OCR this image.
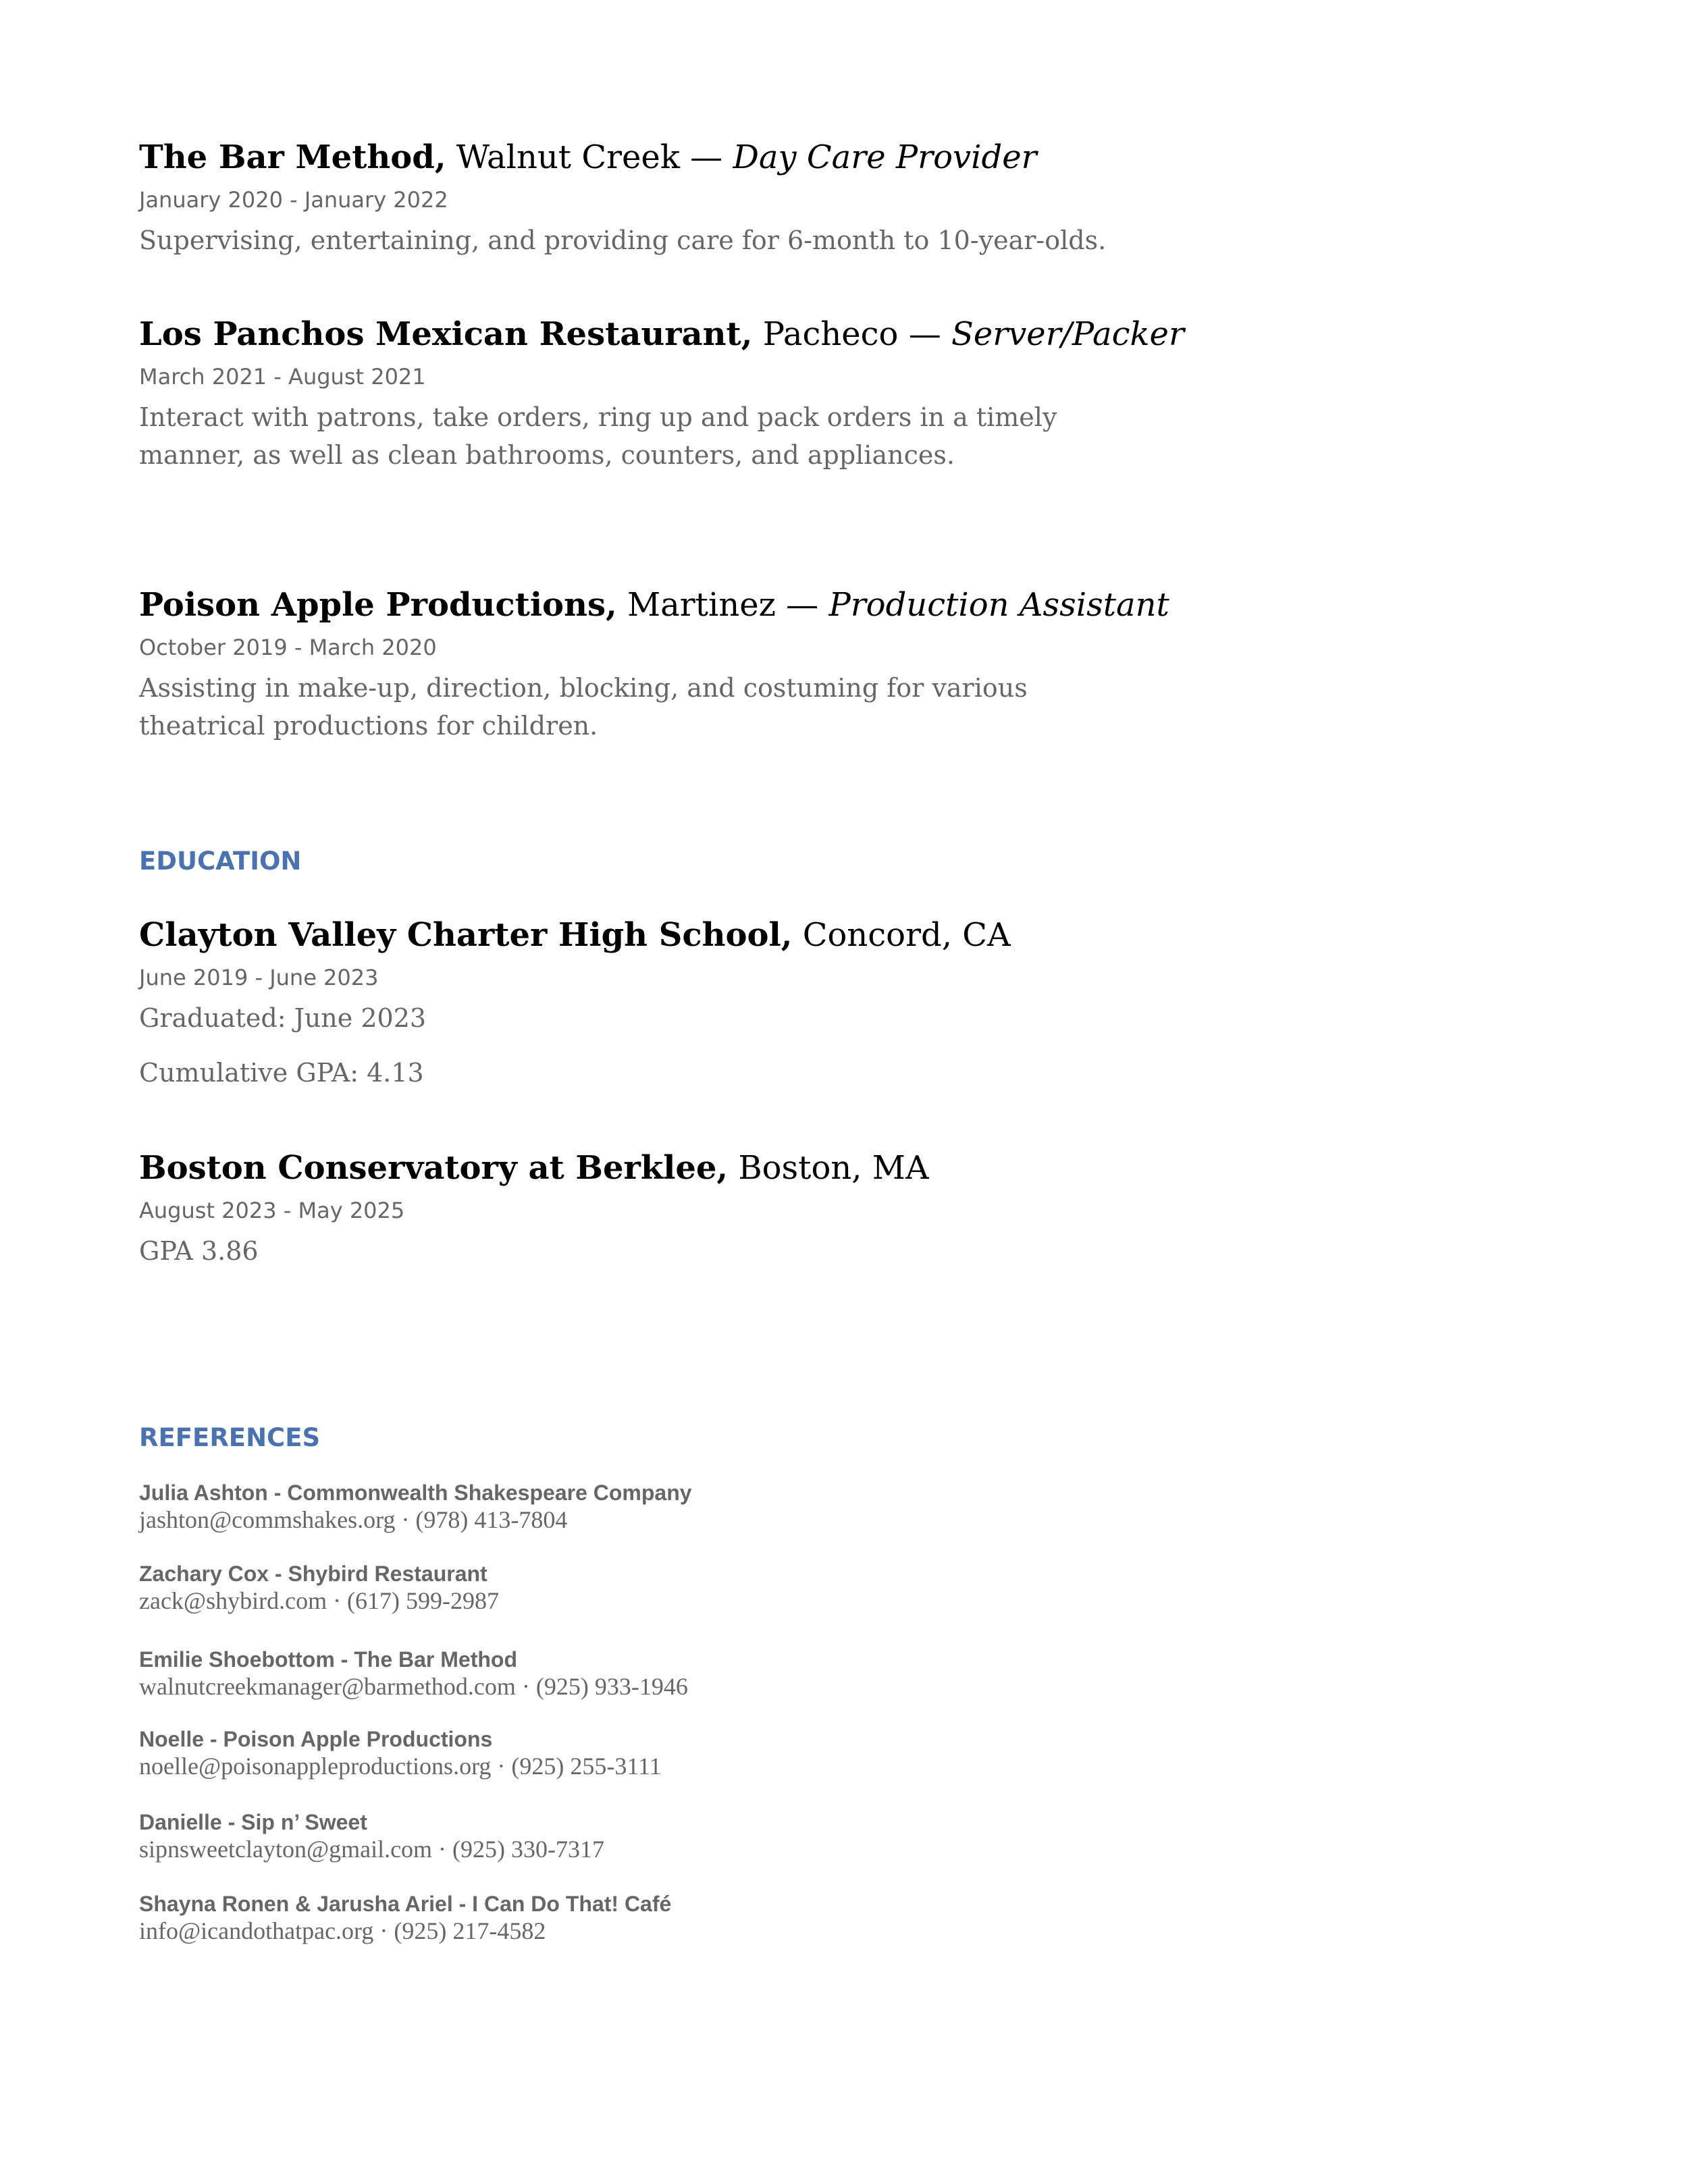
The Bar Method, Walnut Creek — Day Care Provider
January 2020 - January 2022
Supervising, entertaining, and providing care for 6-month to 10-year-olds.
Los Panchos Mexican Restaurant, Pacheco — Server/Packer
March 2021 - August 2021
Interact with patrons, take orders, ring up and pack orders in a timely
manner, as well as clean bathrooms, counters, and appliances.
Poison Apple Productions, Martinez — Production Assistant
October 2019 - March 2020
Assisting in make-up, direction, blocking, and costuming for various
theatrical productions for children.
EDUCATION
Clayton Valley Charter High School, Concord, CA
June 2019 - June 2023
Graduated: June 2023
Cumulative GPA: 4.13
Boston Conservatory at Berklee, Boston, MA
August 2023 - May 2025
GPA 3.86
REFERENCES
Julia Ashton - Commonwealth Shakespeare Company
jashton@commshakes.org · (978) 413-7804
Zachary Cox - Shybird Restaurant
zack@shybird.com · (617) 599-2987
Emilie Shoebottom - The Bar Method
walnutcreekmanager@barmethod.com · (925) 933-1946
Noelle - Poison Apple Productions
noelle@poisonappleproductions.org · (925) 255-3111
Danielle - Sip n’ Sweet
sipnsweetclayton@gmail.com · (925) 330-7317
Shayna Ronen & Jarusha Ariel - I Can Do That! Café
info@icandothatpac.org · (925) 217-4582
